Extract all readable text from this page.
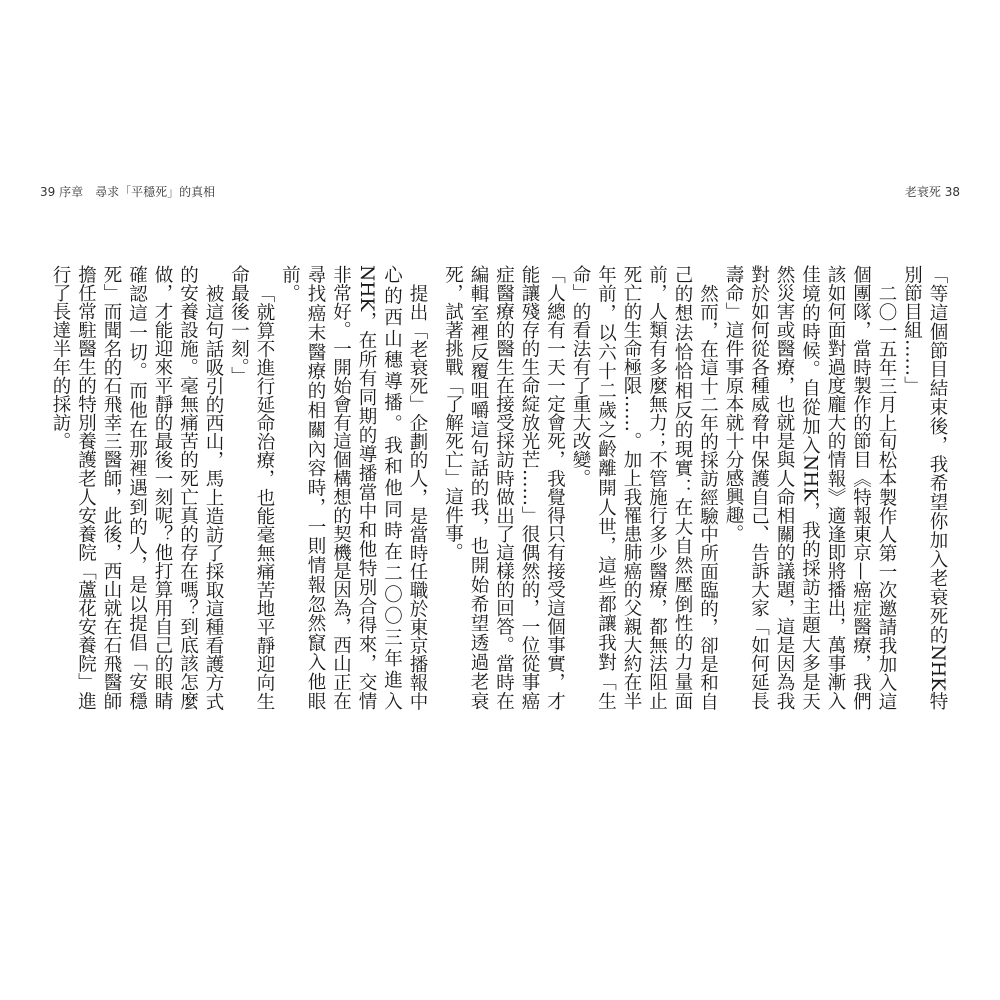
39 序章　尋求「平穩死」的真相	老衰死 38

「等這個節目結束後，我希望你加入老衰死的NHK特別節目組……」

二〇一五年三月上旬松本製作人第一次邀請我加入這個團隊，當時製作的節目《特報東京—癌症醫療，我們該如何面對過度龐大的情報》適逢即將播出，萬事漸入佳境的時候。自從加入NHK，我的採訪主題大多是天然災害或醫療，也就是與人命相關的議題，這是因為我對於如何從各種威脅中保護自己、告訴大家「如何延長壽命」這件事原本就十分感興趣。

然而，在這十二年的採訪經驗中所面臨的，卻是和自己的想法恰恰相反的現實：在大自然壓倒性的力量面前，人類有多麼無力；不管施行多少醫療，都無法阻止死亡的生命極限……。加上我罹患肺癌的父親大約在半年前，以六十二歲之齡離開人世，這些都讓我對「生命」的看法有了重大改變。

「人總有一天一定會死，我覺得只有接受這個事實，才能讓殘存的生命綻放光芒……」很偶然的，一位從事癌症醫療的醫生在接受採訪時做出了這樣的回答。當時在編輯室裡反覆咀嚼這句話的我，也開始希望透過老衰死，試著挑戰「了解死亡」這件事。

提出「老衰死」企劃的人，是當時任職於東京播報中心的西山穗導播。我和他同時在二〇〇三年進入NHK，在所有同期的導播當中和他特別合得來，交情非常好。一開始會有這個構想的契機是因為，西山正在尋找癌末醫療的相關內容時，一則情報忽然竄入他眼前。

「就算不進行延命治療，也能毫無痛苦地平靜迎向生命最後一刻。」

被這句話吸引的西山，馬上造訪了採取這種看護方式的安養設施。毫無痛苦的死亡真的存在嗎？到底該怎麼做，才能迎來平靜的最後一刻呢？他打算用自己的眼睛確認這一切。而他在那裡遇到的人，是以提倡「安穩死」而聞名的石飛幸三醫師，此後，西山就在石飛醫師擔任常駐醫生的特別養護老人安養院「蘆花安養院」進行了長達半年的採訪。
